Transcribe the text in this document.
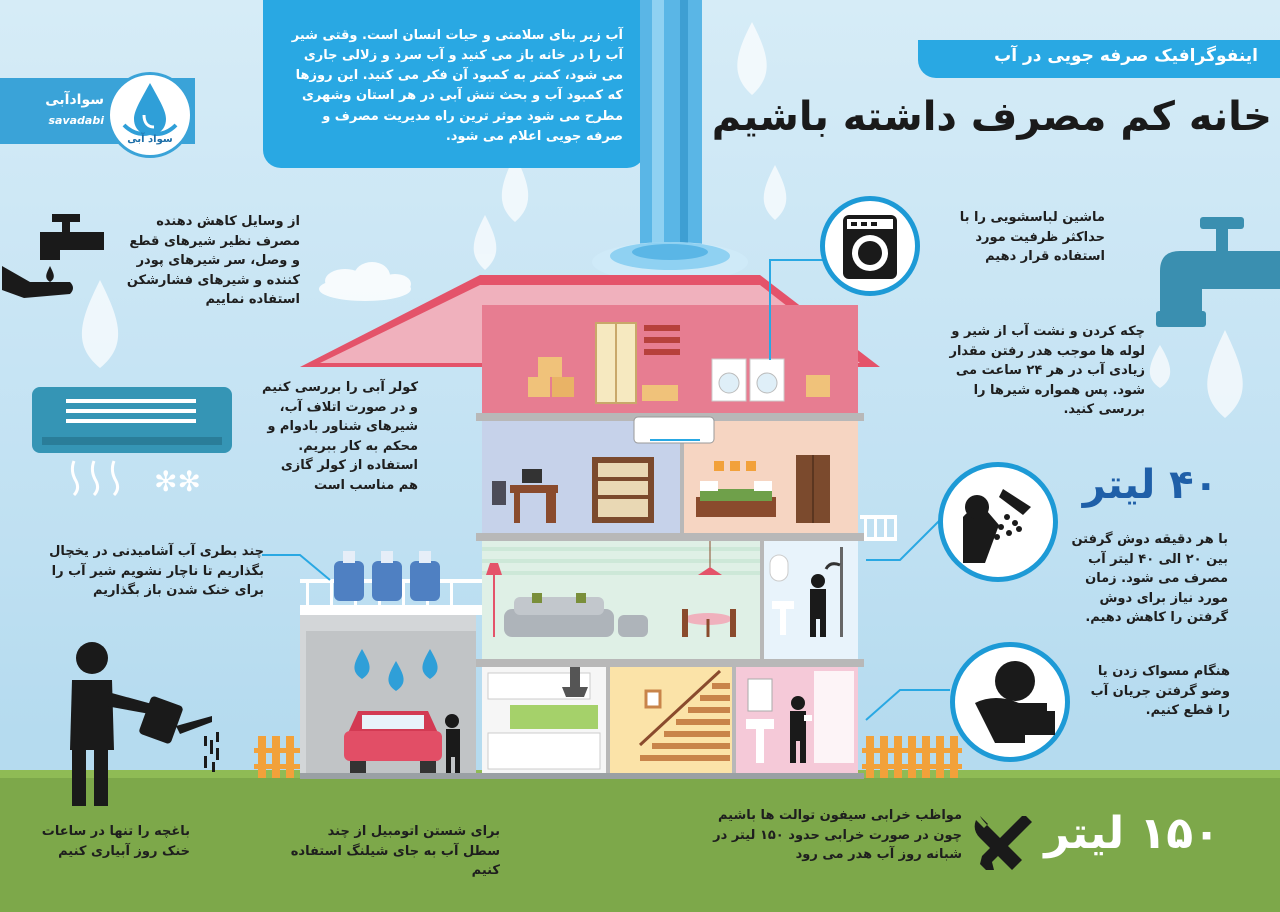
سوادآبی
savadabi
سواد آبی
آب زیر بنای سلامتی و حیات انسان است. وقتی شیر آب را در خانه باز می کنید و آب سرد و زلالی جاری می شود، کمتر به کمبود آن فکر می کنید. این روزها که کمبود آب و بحث تنش آبی در هر استان وشهری مطرح می شود موثر ترین راه مدیریت مصرف و صرفه جویی اعلام می شود.
اینفوگرافیک صرفه جویی در آب
خانه کم مصرف داشته باشیم
از وسایل کاهش دهنده مصرف نظیر شیرهای قطع و وصل، سر شیرهای پودر کننده و شیرهای فشارشکن استفاده نماییم
✻✻
کولر آبی را بررسی کنیم و در صورت اتلاف آب، شیرهای شناور بادوام و محکم به کار ببریم. استفاده از کولر گازی هم مناسب است
چند بطری آب آشامیدنی در یخچال بگذاریم تا ناچار نشویم شیر آب را برای خنک شدن باز بگذاریم
باغچه را تنها در ساعات خنک روز آبیاری کنیم
برای شستن اتومبیل از چند سطل آب به جای شیلنگ استفاده کنیم
ماشین لباسشویی را با حداکثر ظرفیت مورد استفاده قرار دهیم
چکه کردن و نشت آب از شیر و لوله ها موجب هدر رفتن مقدار زیادی آب در هر ۲۴ ساعت می شود. پس همواره شیرها را بررسی کنید.
۴۰ لیتر
با هر دقیقه دوش گرفتن بین ۲۰ الی ۴۰ لیتر آب مصرف می شود. زمان مورد نیاز برای دوش گرفتن را کاهش دهیم.
هنگام مسواک زدن یا وضو گرفتن جریان آب را قطع کنیم.
۱۵۰ لیتر
مواظب خرابی سیفون توالت ها باشیم چون در صورت خرابی حدود ۱۵۰ لیتر در شبانه روز آب هدر می رود
